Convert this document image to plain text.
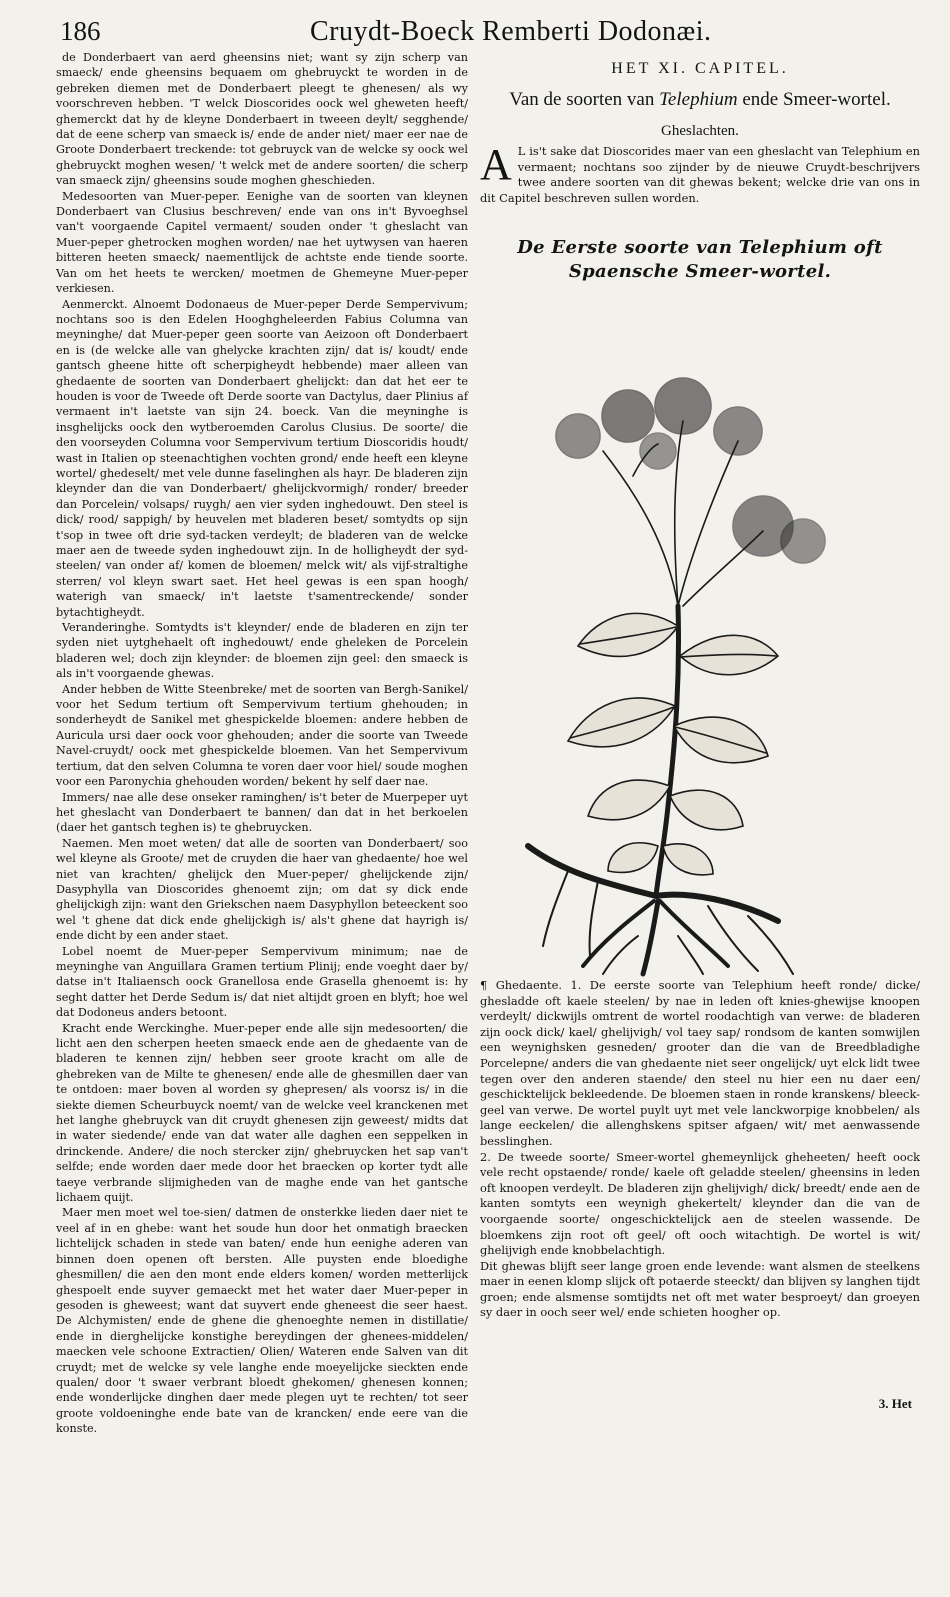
186	Cruydt-Boeck Remberti Dodonæi.

de Donderbaert van aerd gheensins niet; want sy zijn scherp van smaeck/ ende gheensins bequaem om ghebruyckt te worden in de gebreken diemen met de Donderbaert pleegt te ghenesen/ als wy voorschreven hebben. 'T welck Dioscorides oock wel gheweten heeft/ ghemerckt dat hy de kleyne Donderbaert in tweeen deylt/ segghende/ dat de eene scherp van smaeck is/ ende de ander niet/ maer eer nae de Groote Donderbaert treckende: tot gebruyck van de welcke sy oock wel ghebruyckt moghen wesen/ 't welck met de andere soorten/ die scherp van smaeck zijn/ gheensins soude moghen gheschieden.

Medesoorten van Muer-peper. Eenighe van de soorten van kleynen Donderbaert van Clusius beschreven/ ende van ons in't Byvoeghsel van't voorgaende Capitel vermaent/ souden onder 't gheslacht van Muer-peper ghetrocken moghen worden/ nae het uytwysen van haeren bitteren heeten smaeck/ naementlijck de achtste ende tiende soorte. Van om het heets te wercken/ moetmen de Ghemeyne Muer-peper verkiesen.

Aenmerckt. Alnoemt Dodonaeus de Muer-peper Derde Sempervivum; nochtans soo is den Edelen Hooghgheleerden Fabius Columna van meyninghe/ dat Muer-peper geen soorte van Aeizoon oft Donderbaert en is (de welcke alle van ghelycke krachten zijn/ dat is/ koudt/ ende gantsch gheene hitte oft scherpigheydt hebbende) maer alleen van ghedaente de soorten van Donderbaert ghelijckt: dan dat het eer te houden is voor de Tweede oft Derde soorte van Dactylus, daer Plinius af vermaent in't laetste van sijn 24. boeck. Van die meyninghe is insghelijcks oock den wytberoemden Carolus Clusius. De soorte/ die den voorseyden Columna voor Sempervivum tertium Dioscoridis houdt/ wast in Italien op steenachtighen vochten grond/ ende heeft een kleyne wortel/ ghedeselt/ met vele dunne faselinghen als hayr. De bladeren zijn kleynder dan die van Donderbaert/ ghelijckvormigh/ ronder/ breeder dan Porcelein/ volsaps/ ruygh/ aen vier syden inghedouwt. Den steel is dick/ rood/ sappigh/ by heuvelen met bladeren beset/ somtydts op sijn t'sop in twee oft drie syd-tacken verdeylt; de bladeren van de welcke maer aen de tweede syden inghedouwt zijn. In de holligheydt der syd-steelen/ van onder af/ komen de bloemen/ melck wit/ als vijf-straltighe sterren/ vol kleyn swart saet. Het heel gewas is een span hoogh/ waterigh van smaeck/ in't laetste t'samentreckende/ sonder bytachtigheydt.

Veranderinghe. Somtydts is't kleynder/ ende de bladeren en zijn ter syden niet uytghehaelt oft inghedouwt/ ende gheleken de Porcelein bladeren wel; doch zijn kleynder: de bloemen zijn geel: den smaeck is als in't voorgaende ghewas.

Ander hebben de Witte Steenbreke/ met de soorten van Bergh-Sanikel/ voor het Sedum tertium oft Sempervivum tertium ghehouden; in sonderheydt de Sanikel met ghespickelde bloemen: andere hebben de Auricula ursi daer oock voor ghehouden; ander die soorte van Tweede Navel-cruydt/ oock met ghespickelde bloemen. Van het Sempervivum tertium, dat den selven Columna te voren daer voor hiel/ soude moghen voor een Paronychia ghehouden worden/ bekent hy self daer nae.

Immers/ nae alle dese onseker raminghen/ is't beter de Muerpeper uyt het gheslacht van Donderbaert te bannen/ dan dat in het berkoelen (daer het gantsch teghen is) te ghebruycken.

Naemen. Men moet weten/ dat alle de soorten van Donderbaert/ soo wel kleyne als Groote/ met de cruyden die haer van ghedaente/ hoe wel niet van krachten/ ghelijck den Muer-peper/ ghelijckende zijn/ Dasyphylla van Dioscorides ghenoemt zijn; om dat sy dick ende ghelijckigh zijn: want den Griekschen naem Dasyphyllon beteeckent soo wel 't ghene dat dick ende ghelijckigh is/ als't ghene dat hayrigh is/ ende dicht by een ander staet.

Lobel noemt de Muer-peper Sempervivum minimum; nae de meyninghe van Anguillara Gramen tertium Plinij; ende voeght daer by/ datse in't Italiaensch oock Granellosa ende Grasella ghenoemt is: hy seght datter het Derde Sedum is/ dat niet altijdt groen en blyft; hoe wel dat Dodoneus anders betoont.

Kracht ende Werckinghe. Muer-peper ende alle sijn medesoorten/ die licht aen den scherpen heeten smaeck ende aen de ghedaente van de bladeren te kennen zijn/ hebben seer groote kracht om alle de ghebreken van de Milte te ghenesen/ ende alle de ghesmillen daer van te ontdoen: maer boven al worden sy ghepresen/ als voorsz is/ in die siekte diemen Scheurbuyck noemt/ van de welcke veel kranckenen met het langhe ghebruyck van dit cruydt ghenesen zijn geweest/ midts dat in water siedende/ ende van dat water alle daghen een seppelken in drinckende. Andere/ die noch stercker zijn/ ghebruycken het sap van't selfde; ende worden daer mede door het braecken op korter tydt alle taeye verbrande slijmigheden van de maghe ende van het gantsche lichaem quijt.

Maer men moet wel toe-sien/ datmen de onsterkke lieden daer niet te veel af in en ghebe: want het soude hun door het onmatigh braecken lichtelijck schaden in stede van baten/ ende hun eenighe aderen van binnen doen openen oft bersten. Alle puysten ende bloedighe ghesmillen/ die aen den mont ende elders komen/ worden metterlijck ghespoelt ende suyver gemaeckt met het water daer Muer-peper in gesoden is gheweest; want dat suyvert ende gheneest die seer haest. De Alchymisten/ ende de ghene die ghenoeghte nemen in distillatie/ ende in dierghelijcke konstighe bereydingen der ghenees-middelen/ maecken vele schoone Extractien/ Olien/ Wateren ende Salven van dit cruydt; met de welcke sy vele langhe ende moeyelijcke sieckten ende qualen/ door 't swaer verbrant bloedt ghekomen/ ghenesen konnen; ende wonderlijcke dinghen daer mede plegen uyt te rechten/ tot seer groote voldoeninghe ende bate van de krancken/ ende eere van die konste.

HET XI. CAPITEL.
Van de soorten van Telephium ende Smeer-wortel.
Gheslachten.
A L is't sake dat Dioscorides maer van een gheslacht van Telephium en vermaent; nochtans soo zijnder by de nieuwe Cruydt-beschrijvers twee andere soorten van dit ghewas bekent; welcke drie van ons in dit Capitel beschreven sullen worden.
De Eerste soorte van Telephium oft
Spaensche Smeer-wortel.

¶ Ghedaente. 1. De eerste soorte van Telephium heeft ronde/ dicke/ ghesladde oft kaele steelen/ by nae in leden oft knies-ghewijse knoopen verdeylt/ dickwijls omtrent de wortel roodachtigh van verwe: de bladeren zijn oock dick/ kael/ ghelijvigh/ vol taey sap/ rondsom de kanten somwijlen een weynighsken gesneden/ grooter dan die van de Breedbladighe Porcelepne/ anders die van ghedaente niet seer ongelijck/ uyt elck lidt twee tegen over den anderen staende/ den steel nu hier een nu daer een/ geschicktelijck bekleedende. De bloemen staen in ronde kranskens/ bleeck-geel van verwe. De wortel puylt uyt met vele lanckworpige knobbelen/ als lange eeckelen/ die allenghskens spitser afgaen/ wit/ met aenwassende besslinghen.

2. De tweede soorte/ Smeer-wortel ghemeynlijck gheheeten/ heeft oock vele recht opstaende/ ronde/ kaele oft geladde steelen/ gheensins in leden oft knoopen verdeylt. De bladeren zijn ghelijvigh/ dick/ breedt/ ende aen de kanten somtyts een weynigh ghekertelt/ kleynder dan die van de voorgaende soorte/ ongeschicktelijck aen de steelen wassende. De bloemkens zijn root oft geel/ oft ooch witachtigh. De wortel is wit/ ghelijvigh ende knobbelachtigh.

Dit ghewas blijft seer lange groen ende levende: want alsmen de steelkens maer in eenen klomp slijck oft potaerde steeckt/ dan blijven sy langhen tijdt groen; ende alsmense somtijdts net oft met water besproeyt/ dan groeyen sy daer in ooch seer wel/ ende schieten hoogher op.

3. Het
